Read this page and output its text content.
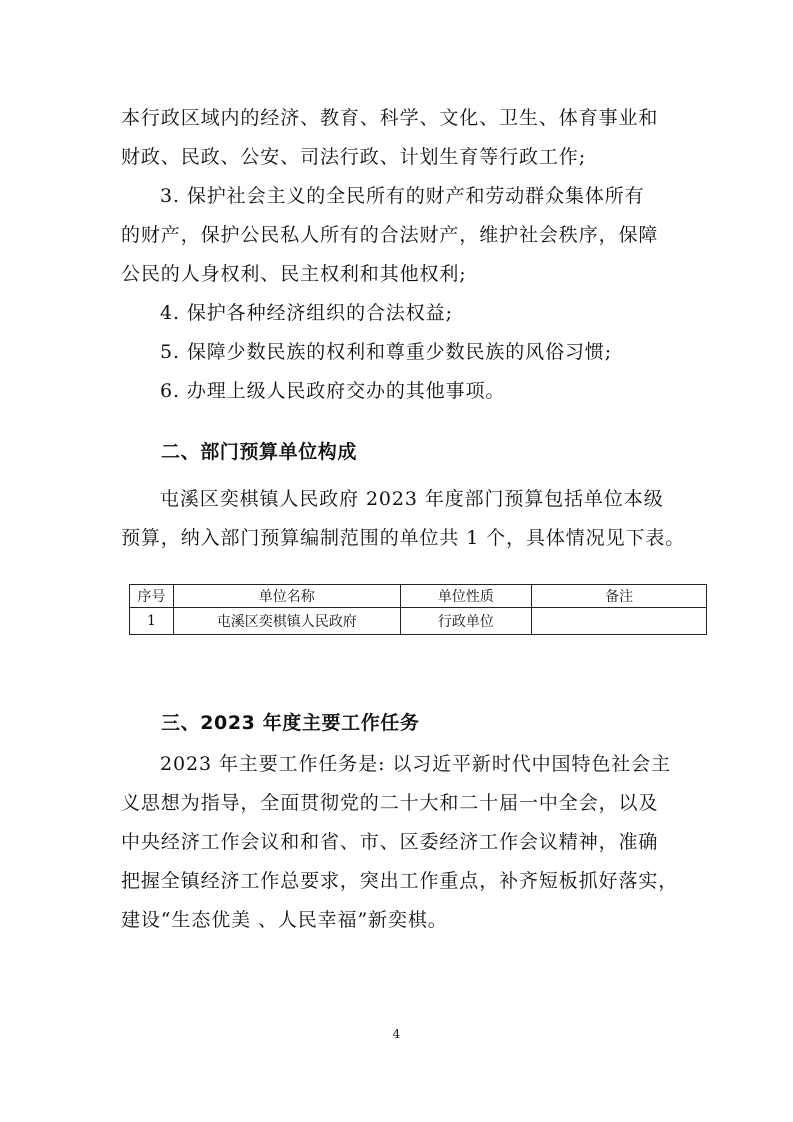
本行政区域内的经济、教育、科学、文化、卫生、体育事业和
财政、民政、公安、司法行政、计划生育等行政工作;
3. 保护社会主义的全民所有的财产和劳动群众集体所有
的财产，保护公民私人所有的合法财产，维护社会秩序，保障
公民的人身权利、民主权利和其他权利;
4. 保护各种经济组织的合法权益;
5. 保障少数民族的权利和尊重少数民族的风俗习惯;
6. 办理上级人民政府交办的其他事项。
二、部门预算单位构成
屯溪区奕棋镇人民政府 2023 年度部门预算包括单位本级
预算，纳入部门预算编制范围的单位共 1 个，具体情况见下表。
序号	单位名称	单位性质	备注
1	屯溪区奕棋镇人民政府	行政单位	
三、2023 年度主要工作任务
2023 年主要工作任务是: 以习近平新时代中国特色社会主
义思想为指导，全面贯彻党的二十大和二十届一中全会，以及
中央经济工作会议和和省、市、区委经济工作会议精神，准确
把握全镇经济工作总要求，突出工作重点，补齐短板抓好落实，
建设“生态优美 、人民幸福”新奕棋。
4
